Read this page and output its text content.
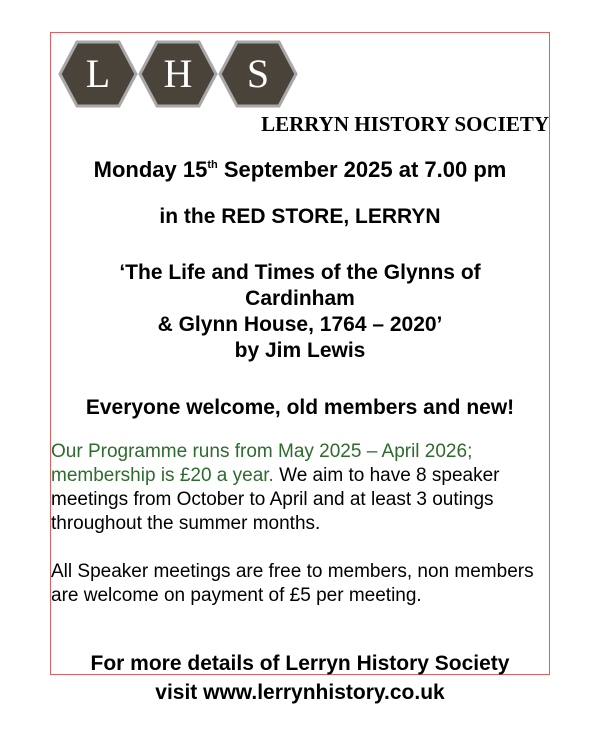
L H S
LERRYN HISTORY SOCIETY
Monday 15th September 2025 at 7.00 pm
in the RED STORE, LERRYN
‘The Life and Times of the Glynns of
Cardinham
& Glynn House, 1764 – 2020’
by Jim Lewis
Everyone welcome, old members and new!
Our Programme runs from May 2025 – April 2026; membership is £20 a year. We aim to have 8 speaker meetings from October to April and at least 3 outings throughout the summer months.
All Speaker meetings are free to members, non members are welcome on payment of £5 per meeting.
For more details of Lerryn History Society
visit www.lerrynhistory.co.uk
